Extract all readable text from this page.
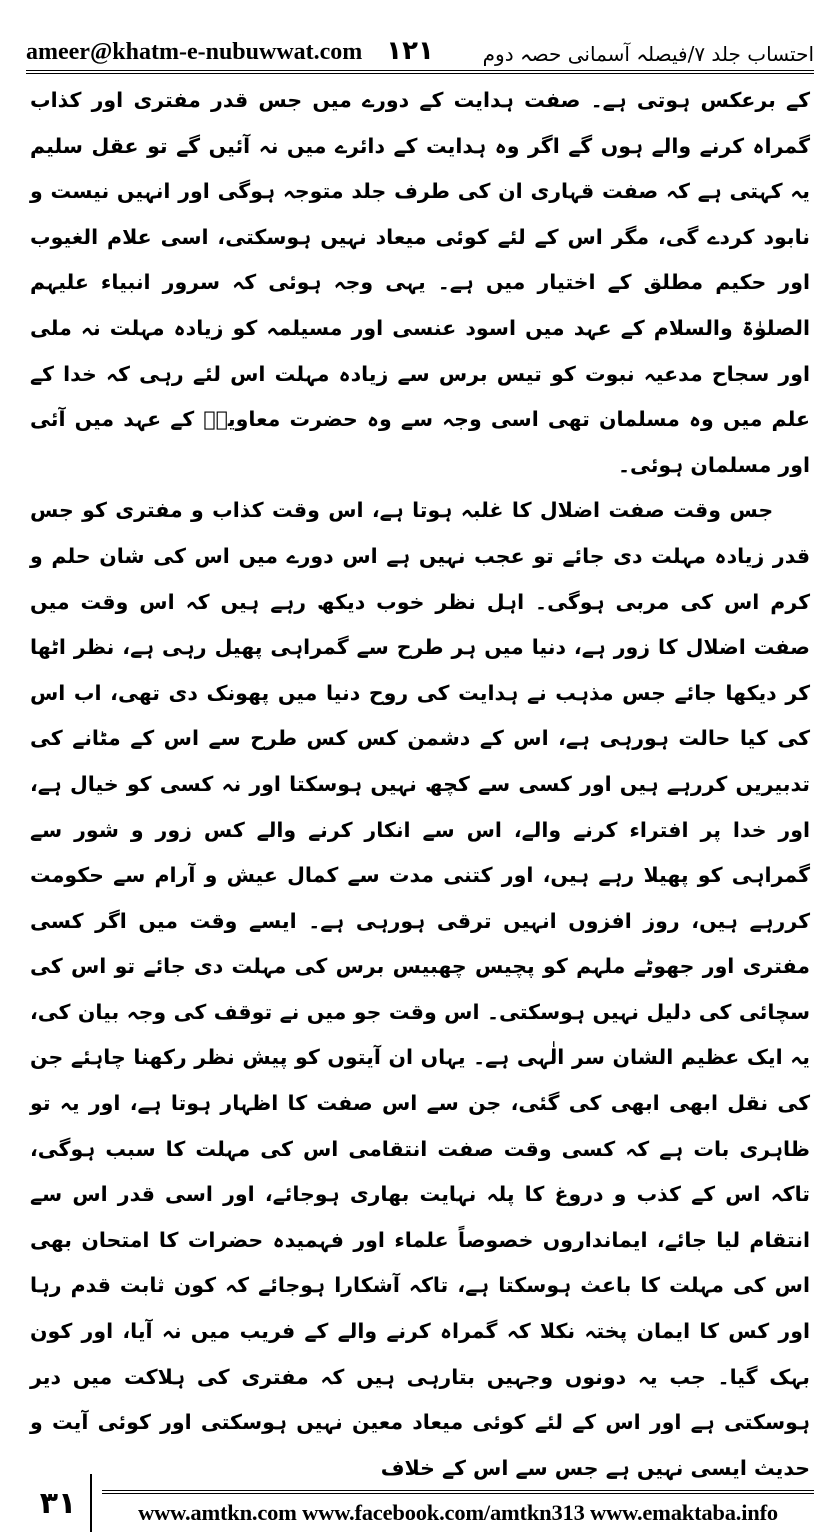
ameer@khatm-e-nubuwwat.com ۱۲۱ احتساب جلد ۷/فیصلہ آسمانی حصہ دوم

کے برعکس ہوتی ہے۔ صفت ہدایت کے دورے میں جس قدر مفتری اور کذاب گمراہ کرنے والے ہوں گے اگر وہ ہدایت کے دائرے میں نہ آئیں گے تو عقل سلیم یہ کہتی ہے کہ صفت قہاری ان کی طرف جلد متوجہ ہوگی اور انہیں نیست و نابود کردے گی، مگر اس کے لئے کوئی میعاد نہیں ہوسکتی، اسی علام الغیوب اور حکیم مطلق کے اختیار میں ہے۔ یہی وجہ ہوئی کہ سرور انبیاء علیہم الصلوٰۃ والسلام کے عہد میں اسود عنسی اور مسیلمہ کو زیادہ مہلت نہ ملی اور سجاح مدعیہ نبوت کو تیس برس سے زیادہ مہلت اس لئے رہی کہ خدا کے علم میں وہ مسلمان تھی اسی وجہ سے وہ حضرت معاویہؓ کے عہد میں آئی اور مسلمان ہوئی۔

جس وقت صفت اضلال کا غلبہ ہوتا ہے، اس وقت کذاب و مفتری کو جس قدر زیادہ مہلت دی جائے تو عجب نہیں ہے اس دورے میں اس کی شان حلم و کرم اس کی مربی ہوگی۔ اہل نظر خوب دیکھ رہے ہیں کہ اس وقت میں صفت اضلال کا زور ہے، دنیا میں ہر طرح سے گمراہی پھیل رہی ہے، نظر اٹھا کر دیکھا جائے جس مذہب نے ہدایت کی روح دنیا میں پھونک دی تھی، اب اس کی کیا حالت ہورہی ہے، اس کے دشمن کس کس طرح سے اس کے مٹانے کی تدبیریں کررہے ہیں اور کسی سے کچھ نہیں ہوسکتا اور نہ کسی کو خیال ہے، اور خدا پر افتراء کرنے والے، اس سے انکار کرنے والے کس زور و شور سے گمراہی کو پھیلا رہے ہیں، اور کتنی مدت سے کمال عیش و آرام سے حکومت کررہے ہیں، روز افزوں انہیں ترقی ہورہی ہے۔ ایسے وقت میں اگر کسی مفتری اور جھوٹے ملہم کو پچیس چھبیس برس کی مہلت دی جائے تو اس کی سچائی کی دلیل نہیں ہوسکتی۔ اس وقت جو میں نے توقف کی وجہ بیان کی، یہ ایک عظیم الشان سر الٰہی ہے۔ یہاں ان آیتوں کو پیش نظر رکھنا چاہئے جن کی نقل ابھی ابھی کی گئی، جن سے اس صفت کا اظہار ہوتا ہے، اور یہ تو ظاہری بات ہے کہ کسی وقت صفت انتقامی اس کی مہلت کا سبب ہوگی، تاکہ اس کے کذب و دروغ کا پلہ نہایت بھاری ہوجائے، اور اسی قدر اس سے انتقام لیا جائے، ایمانداروں خصوصاً علماء اور فہمیدہ حضرات کا امتحان بھی اس کی مہلت کا باعث ہوسکتا ہے، تاکہ آشکارا ہوجائے کہ کون ثابت قدم رہا اور کس کا ایمان پختہ نکلا کہ گمراہ کرنے والے کے فریب میں نہ آیا، اور کون بہک گیا۔ جب یہ دونوں وجہیں بتارہی ہیں کہ مفتری کی ہلاکت میں دیر ہوسکتی ہے اور اس کے لئے کوئی میعاد معین نہیں ہوسکتی اور کوئی آیت و حدیث ایسی نہیں ہے جس سے اس کے خلاف

۳۱	www.amtkn.com www.facebook.com/amtkn313 www.emaktaba.info
